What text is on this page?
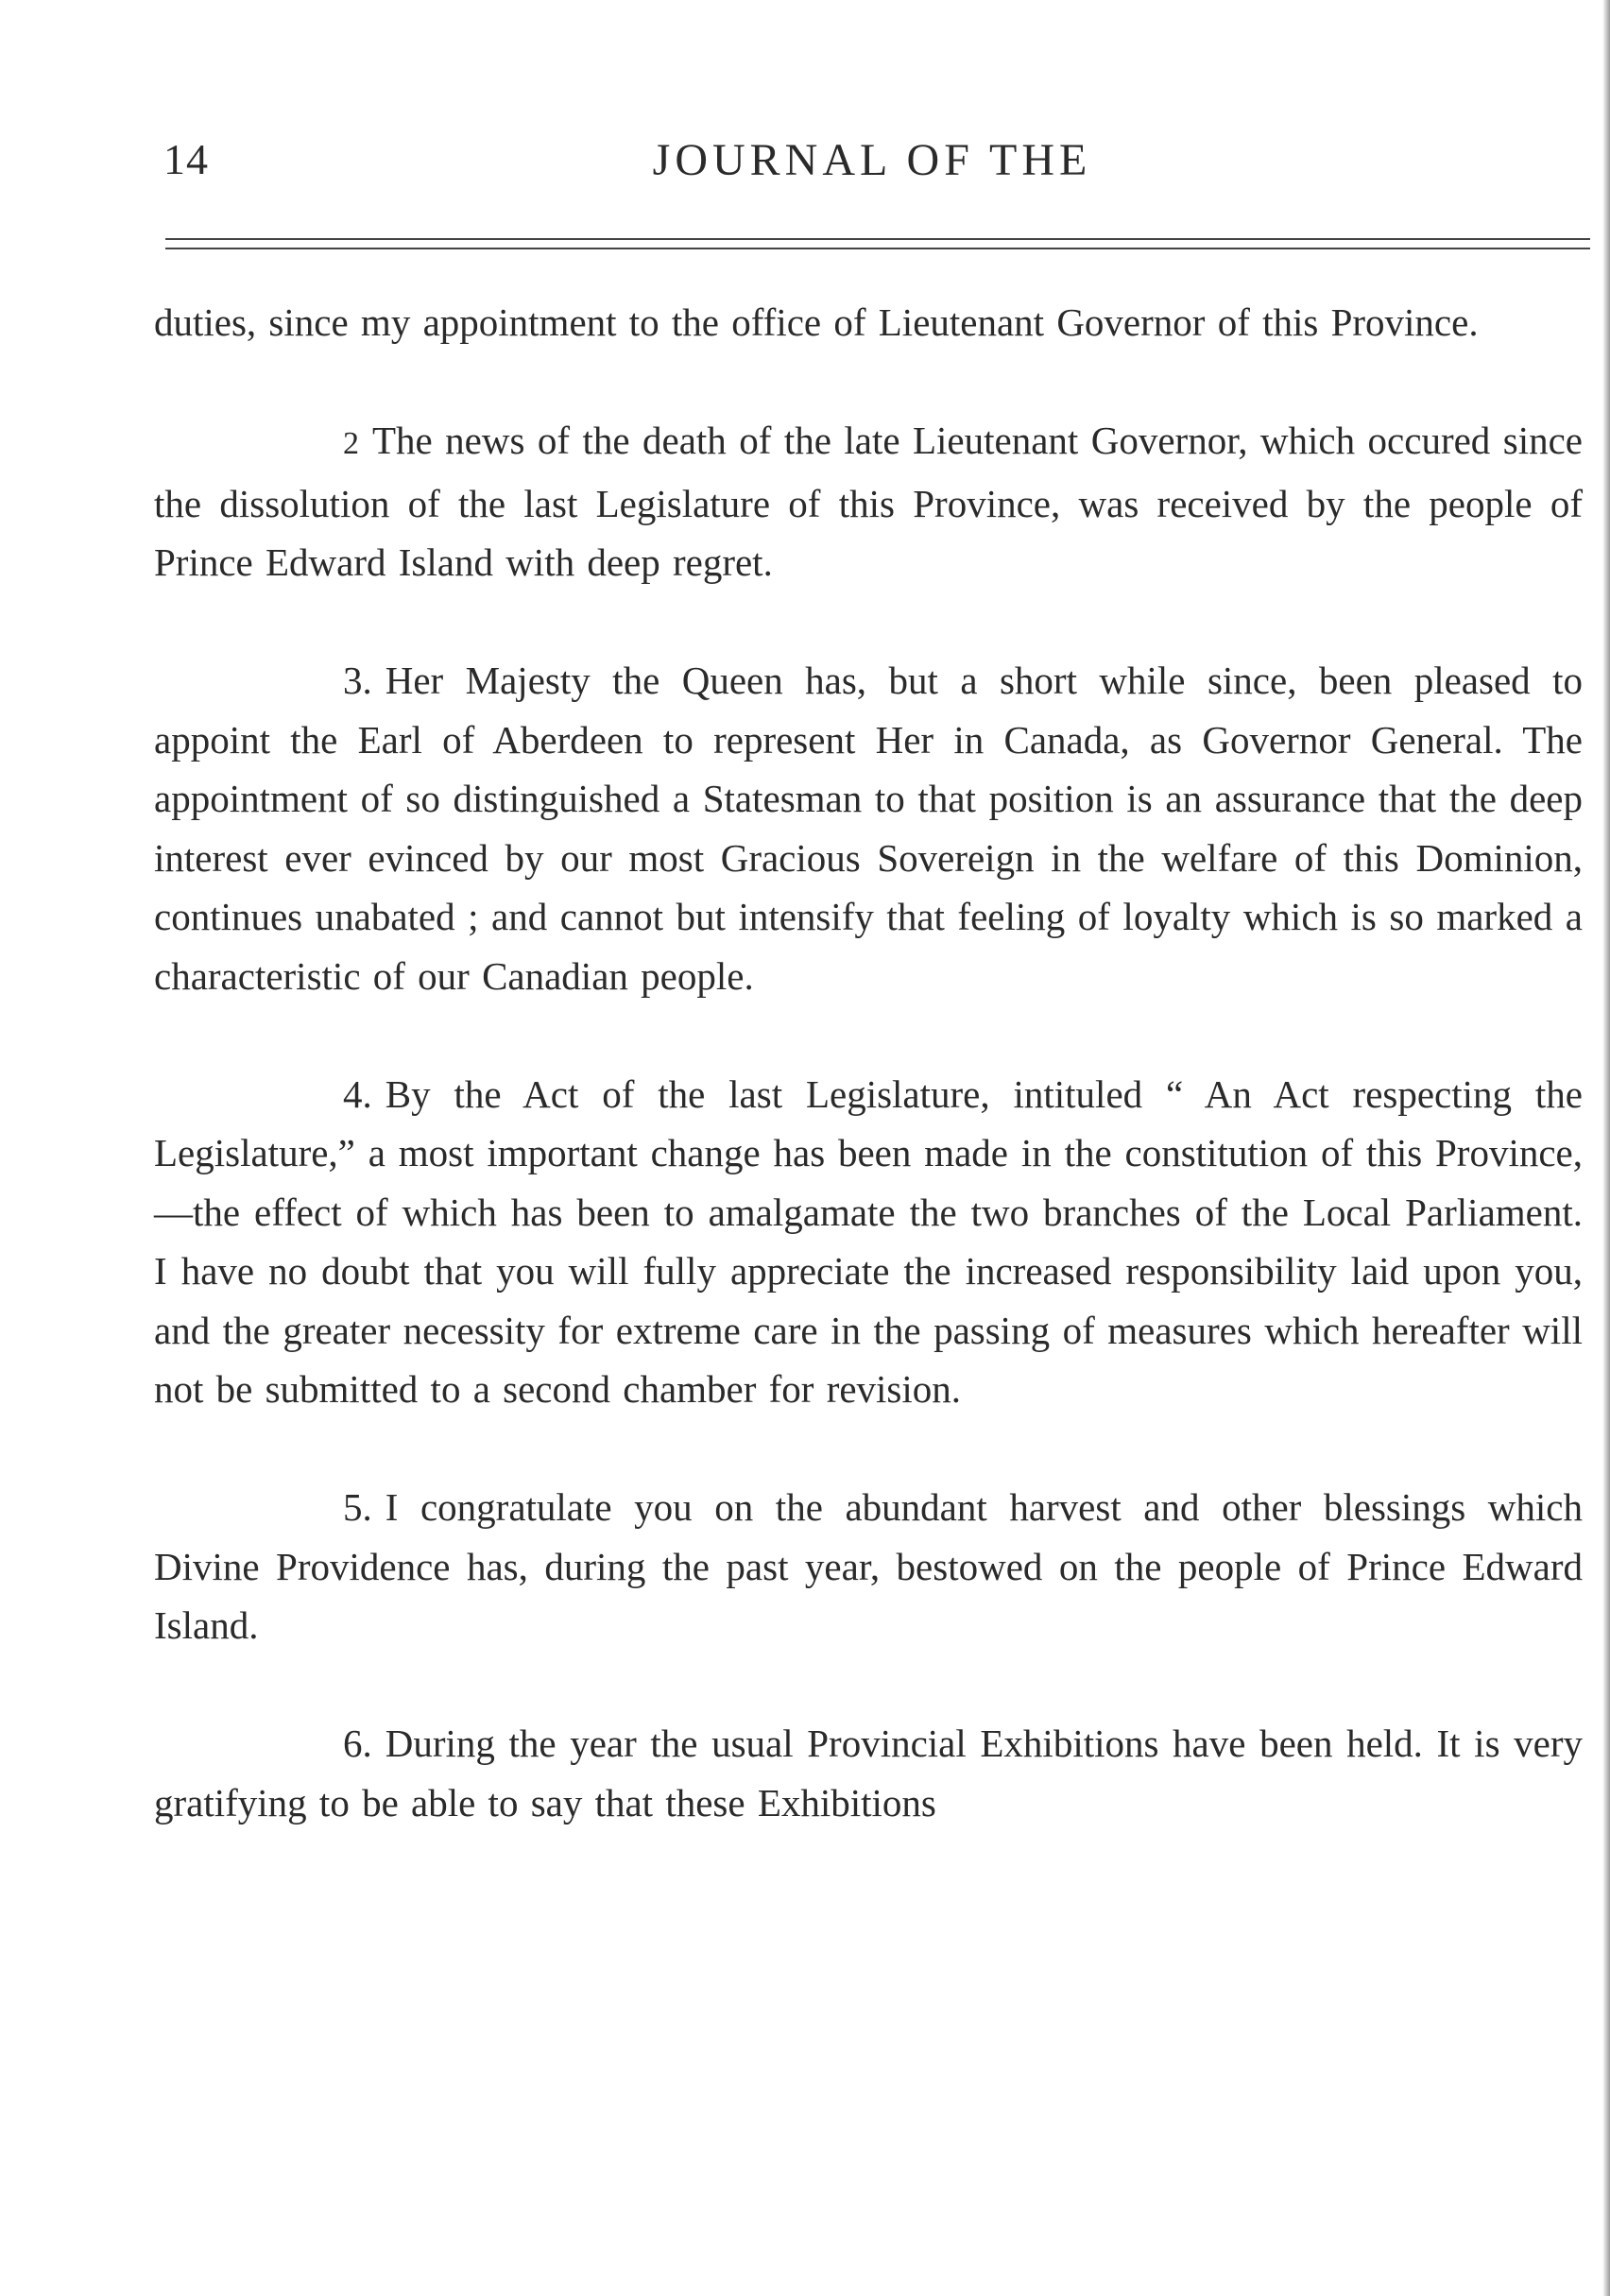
14	JOURNAL OF THE

duties, since my appointment to the office of Lieutenant Governor of this Province.

2 The news of the death of the late Lieutenant Governor, which occured since the dissolution of the last Legislature of this Province, was received by the people of Prince Edward Island with deep regret.

3. Her Majesty the Queen has, but a short while since, been pleased to appoint the Earl of Aberdeen to represent Her in Canada, as Governor General. The appointment of so distinguished a Statesman to that position is an assurance that the deep interest ever evinced by our most Gracious Sovereign in the welfare of this Dominion, continues unabated ; and cannot but intensify that feeling of loyalty which is so marked a characteristic of our Canadian people.

4. By the Act of the last Legislature, intituled “ An Act respecting the Legislature,” a most important change has been made in the constitution of this Province,—the effect of which has been to amalgamate the two branches of the Local Parliament. I have no doubt that you will fully appreciate the increased responsibility laid upon you, and the greater necessity for extreme care in the passing of measures which hereafter will not be submitted to a second chamber for revision.

5. I congratulate you on the abundant harvest and other blessings which Divine Providence has, during the past year, bestowed on the people of Prince Edward Island.

6. During the year the usual Provincial Exhibitions have been held. It is very gratifying to be able to say that these Exhibitions
